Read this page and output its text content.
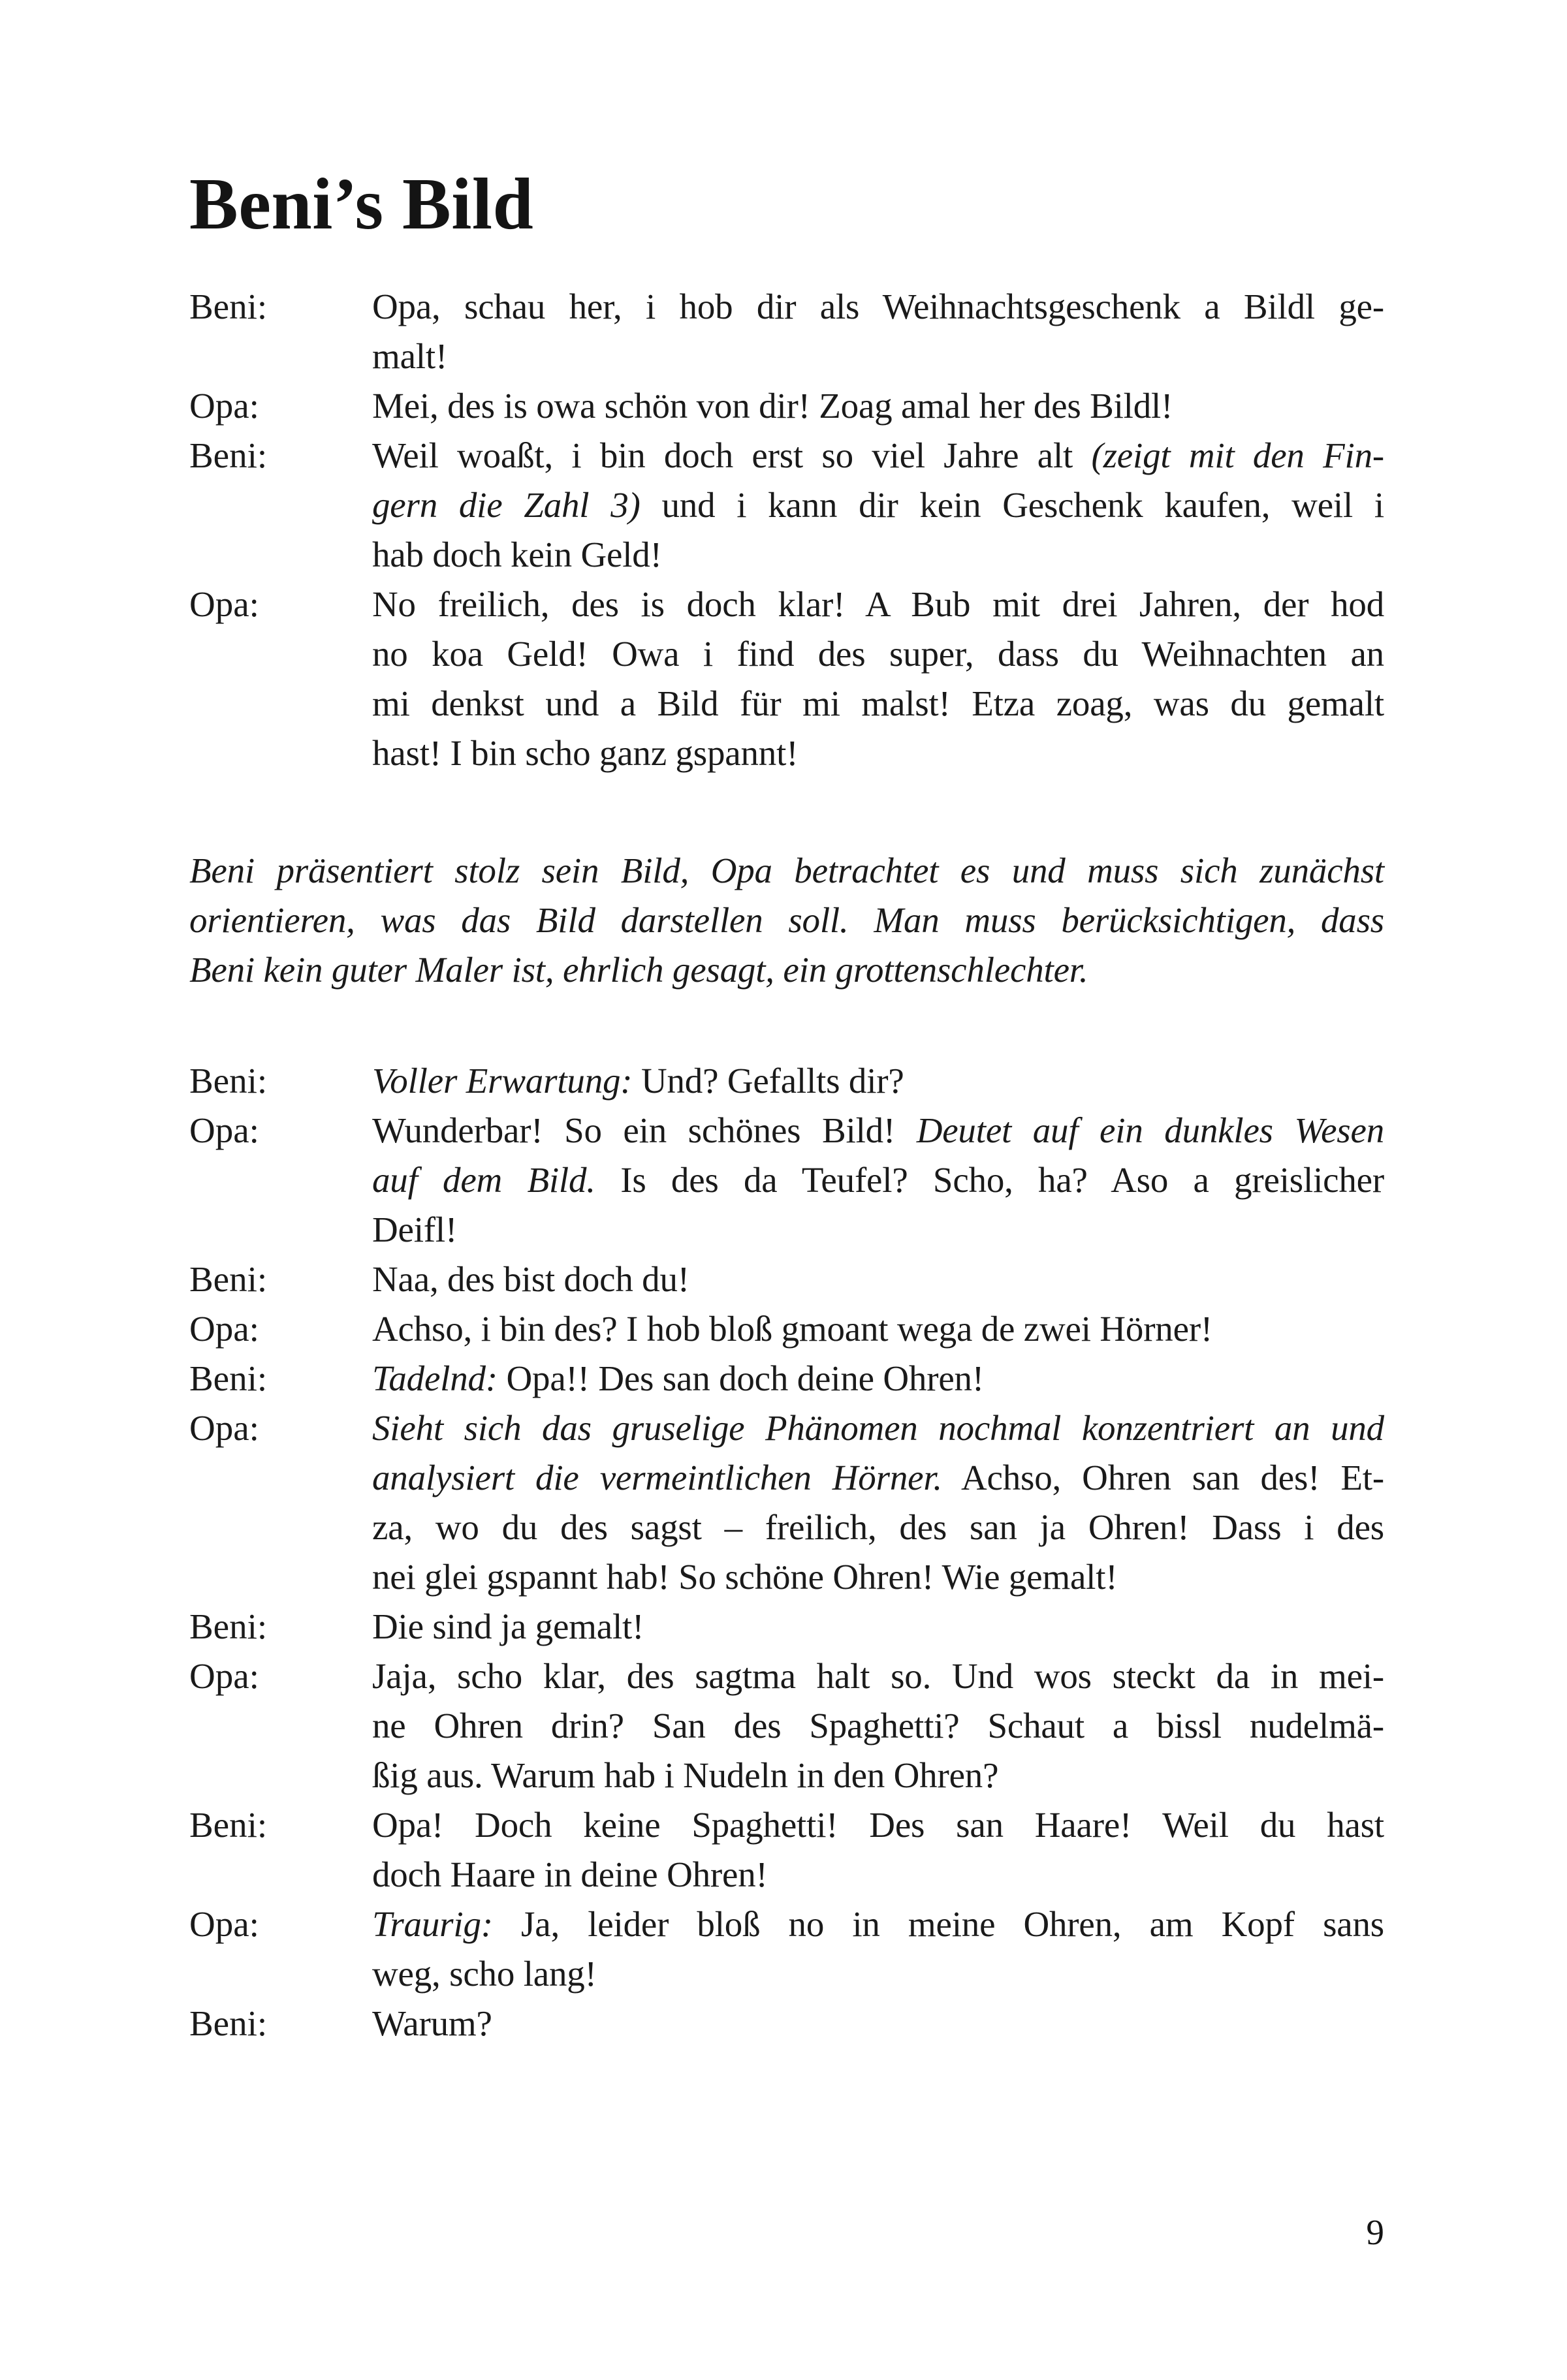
Beni’s Bild
Beni:	Opa, schau her, i hob dir als Weihnachtsgeschenk a Bildl ge-
malt!
Opa:	Mei, des is owa schön von dir! Zoag amal her des Bildl!
Beni:	Weil woaßt, i bin doch erst so viel Jahre alt (zeigt mit den Fin-
gern die Zahl 3) und i kann dir kein Geschenk kaufen, weil i
hab doch kein Geld!
Opa:	No freilich, des is doch klar! A Bub mit drei Jahren, der hod
no koa Geld! Owa i find des super, dass du Weihnachten an
mi denkst und a Bild für mi malst! Etza zoag, was du gemalt
hast! I bin scho ganz gspannt!
Beni präsentiert stolz sein Bild, Opa betrachtet es und muss sich zunächst
orientieren, was das Bild darstellen soll. Man muss berücksichtigen, dass
Beni kein guter Maler ist, ehrlich gesagt, ein grottenschlechter.
Beni:	Voller Erwartung: Und? Gefallts dir?
Opa:	Wunderbar! So ein schönes Bild! Deutet auf ein dunkles Wesen
auf dem Bild. Is des da Teufel? Scho, ha? Aso a greislicher
Deifl!
Beni:	Naa, des bist doch du!
Opa:	Achso, i bin des? I hob bloß gmoant wega de zwei Hörner!
Beni:	Tadelnd: Opa!! Des san doch deine Ohren!
Opa:	Sieht sich das gruselige Phänomen nochmal konzentriert an und
analysiert die vermeintlichen Hörner. Achso, Ohren san des! Et-
za, wo du des sagst – freilich, des san ja Ohren! Dass i des
nei glei gspannt hab! So schöne Ohren! Wie gemalt!
Beni:	Die sind ja gemalt!
Opa:	Jaja, scho klar, des sagtma halt so. Und wos steckt da in mei-
ne Ohren drin? San des Spaghetti? Schaut a bissl nudelmä-
ßig aus. Warum hab i Nudeln in den Ohren?
Beni:	Opa! Doch keine Spaghetti! Des san Haare! Weil du hast
doch Haare in deine Ohren!
Opa:	Traurig: Ja, leider bloß no in meine Ohren, am Kopf sans
weg, scho lang!
Beni:	Warum?
9
